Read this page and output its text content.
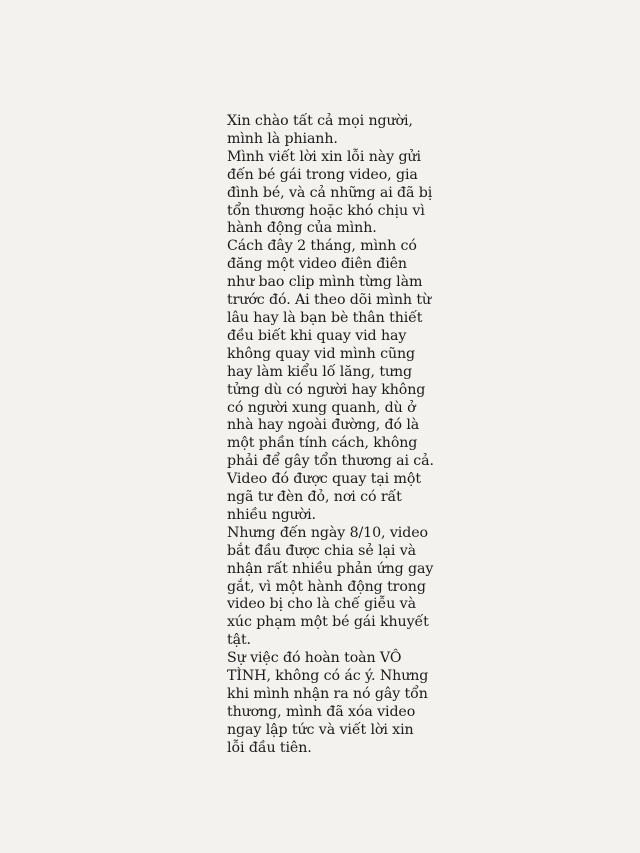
Xin chào tất cả mọi người,
mình là phianh.
Mình viết lời xin lỗi này gửi
đến bé gái trong video, gia
đình bé, và cả những ai đã bị
tổn thương hoặc khó chịu vì
hành động của mình.
Cách đây 2 tháng, mình có
đăng một video điên điên
như bao clip mình từng làm
trước đó. Ai theo dõi mình từ
lâu hay là bạn bè thân thiết
đều biết khi quay vid hay
không quay vid mình cũng
hay làm kiểu lố lăng, tưng
tửng dù có người hay không
có người xung quanh, dù ở
nhà hay ngoài đường, đó là
một phần tính cách, không
phải để gây tổn thương ai cả.
Video đó được quay tại một
ngã tư đèn đỏ, nơi có rất
nhiều người.
Nhưng đến ngày 8/10, video
bắt đầu được chia sẻ lại và
nhận rất nhiều phản ứng gay
gắt, vì một hành động trong
video bị cho là chế giễu và
xúc phạm một bé gái khuyết
tật.
Sự việc đó hoàn toàn VÔ
TÌNH, không có ác ý. Nhưng
khi mình nhận ra nó gây tổn
thương, mình đã xóa video
ngay lập tức và viết lời xin
lỗi đầu tiên.
